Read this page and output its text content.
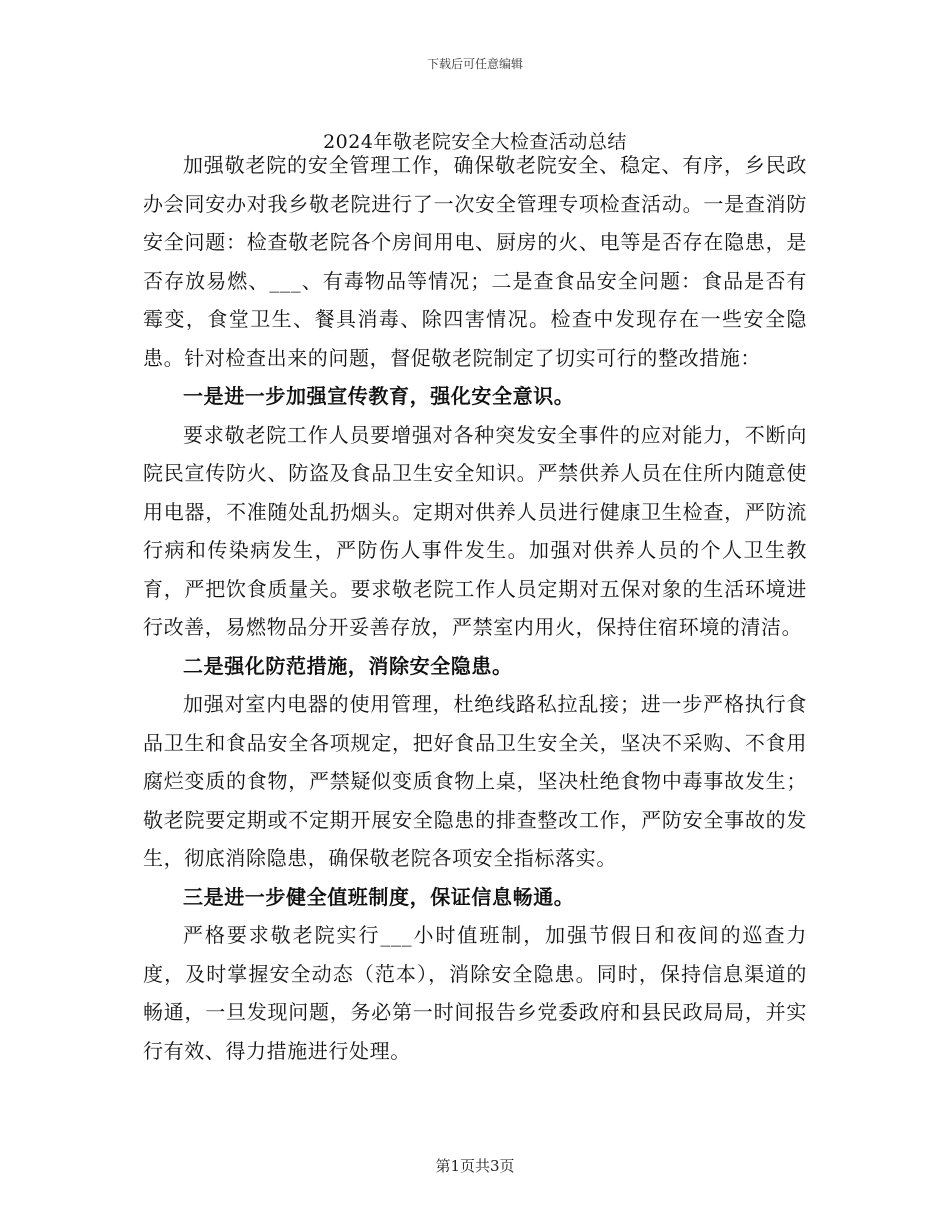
下载后可任意编辑
2024年敬老院安全大检查活动总结

加强敬老院的安全管理工作，确保敬老院安全、稳定、有序，乡民政办会同安办对我乡敬老院进行了一次安全管理专项检查活动。一是查消防安全问题：检查敬老院各个房间用电、厨房的火、电等是否存在隐患，是否存放易燃、___、有毒物品等情况；二是查食品安全问题：食品是否有霉变，食堂卫生、餐具消毒、除四害情况。检查中发现存在一些安全隐患。针对检查出来的问题，督促敬老院制定了切实可行的整改措施：

一是进一步加强宣传教育，强化安全意识。

要求敬老院工作人员要增强对各种突发安全事件的应对能力，不断向院民宣传防火、防盗及食品卫生安全知识。严禁供养人员在住所内随意使用电器，不准随处乱扔烟头。定期对供养人员进行健康卫生检查，严防流行病和传染病发生，严防伤人事件发生。加强对供养人员的个人卫生教育，严把饮食质量关。要求敬老院工作人员定期对五保对象的生活环境进行改善，易燃物品分开妥善存放，严禁室内用火，保持住宿环境的清洁。

二是强化防范措施，消除安全隐患。

加强对室内电器的使用管理，杜绝线路私拉乱接；进一步严格执行食品卫生和食品安全各项规定，把好食品卫生安全关，坚决不采购、不食用腐烂变质的食物，严禁疑似变质食物上桌，坚决杜绝食物中毒事故发生；敬老院要定期或不定期开展安全隐患的排查整改工作，严防安全事故的发生，彻底消除隐患，确保敬老院各项安全指标落实。

三是进一步健全值班制度，保证信息畅通。

严格要求敬老院实行___小时值班制，加强节假日和夜间的巡查力度，及时掌握安全动态（范本），消除安全隐患。同时，保持信息渠道的畅通，一旦发现问题，务必第一时间报告乡党委政府和县民政局局，并实行有效、得力措施进行处理。

第1页共3页
